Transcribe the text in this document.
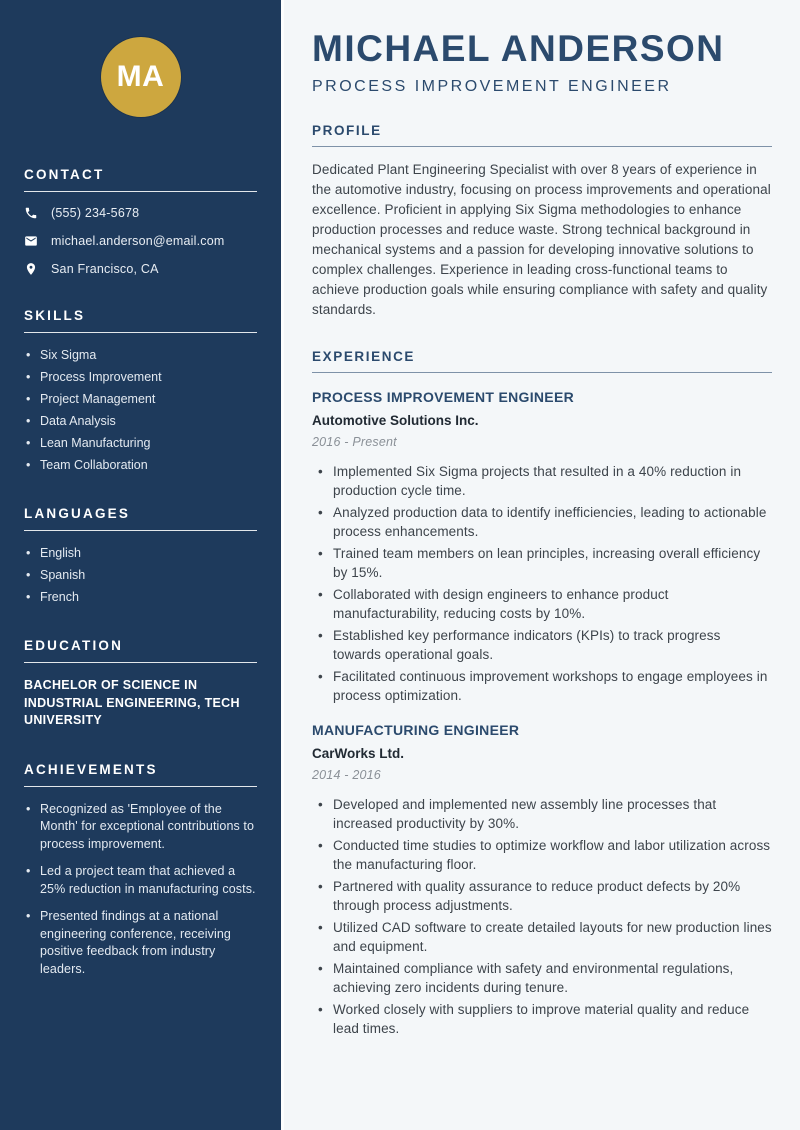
MA
CONTACT
(555) 234-5678
michael.anderson@email.com
San Francisco, CA
SKILLS
• Six Sigma
• Process Improvement
• Project Management
• Data Analysis
• Lean Manufacturing
• Team Collaboration
LANGUAGES
• English
• Spanish
• French
EDUCATION

BACHELOR OF SCIENCE IN INDUSTRIAL ENGINEERING, TECH UNIVERSITY

ACHIEVEMENTS
• Recognized as 'Employee of the Month' for exceptional contributions to process improvement.
• Led a project team that achieved a 25% reduction in manufacturing costs.
• Presented findings at a national engineering conference, receiving positive feedback from industry leaders.
MICHAEL ANDERSON

PROCESS IMPROVEMENT ENGINEER

PROFILE

Dedicated Plant Engineering Specialist with over 8 years of experience in the automotive industry, focusing on process improvements and operational excellence. Proficient in applying Six Sigma methodologies to enhance production processes and reduce waste. Strong technical background in mechanical systems and a passion for developing innovative solutions to complex challenges. Experience in leading cross-functional teams to achieve production goals while ensuring compliance with safety and quality standards.

EXPERIENCE
PROCESS IMPROVEMENT ENGINEER

Automotive Solutions Inc.

2016 - Present

• Implemented Six Sigma projects that resulted in a 40% reduction in production cycle time.
• Analyzed production data to identify inefficiencies, leading to actionable process enhancements.
• Trained team members on lean principles, increasing overall efficiency by 15%.
• Collaborated with design engineers to enhance product manufacturability, reducing costs by 10%.
• Established key performance indicators (KPIs) to track progress towards operational goals.
• Facilitated continuous improvement workshops to engage employees in process optimization.
MANUFACTURING ENGINEER

CarWorks Ltd.

2014 - 2016

• Developed and implemented new assembly line processes that increased productivity by 30%.
• Conducted time studies to optimize workflow and labor utilization across the manufacturing floor.
• Partnered with quality assurance to reduce product defects by 20% through process adjustments.
• Utilized CAD software to create detailed layouts for new production lines and equipment.
• Maintained compliance with safety and environmental regulations, achieving zero incidents during tenure.
• Worked closely with suppliers to improve material quality and reduce lead times.
